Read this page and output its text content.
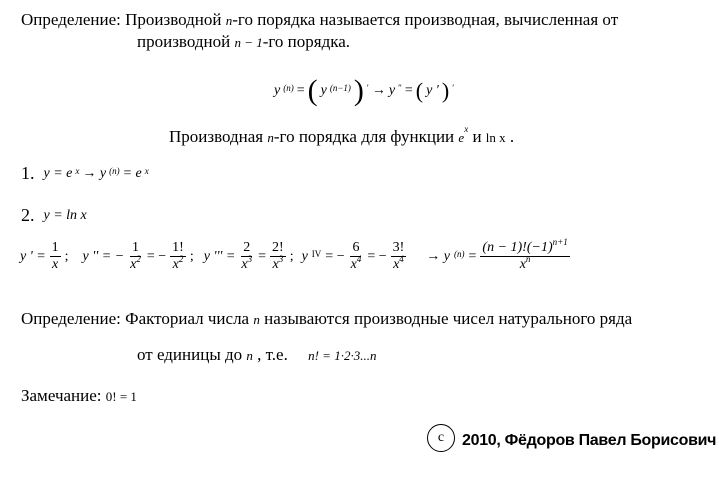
Определение: Производной n-го порядка называется производная, вычисленная от
производной n − 1-го порядка.
y $^{(n)}$ = ( y $^{(n-1)}$ ) ′ → y ″ = ( y ′ ) ′
Производная n-го порядка для функции $e^x$ и ln x .
1. y = e $^x$ → y $^{(n)}$ = e $^x$
2. y = ln x
y ' = $\frac{1}{x}$ ; y '' = − $\frac{1}{x^2}$ = − $\frac{1!}{x^2}$ ; y ''' = $\frac{2}{x^3} = \frac{2!}{x^3}$ ; y $^{IV}$ = − $\frac{6}{x^4}$ = − $\frac{3!}{x^4} \to y$ $^{(n)} = \frac{(n - 1)!(-1)^{n+1}}{x^n}$
Определение: Факториал числа n называются производные чисел натурального ряда
от единицы до n , т.е. n! = 1·2·3...n
Замечание: 0! = 1
c 2010, Фёдоров Павел Борисович
